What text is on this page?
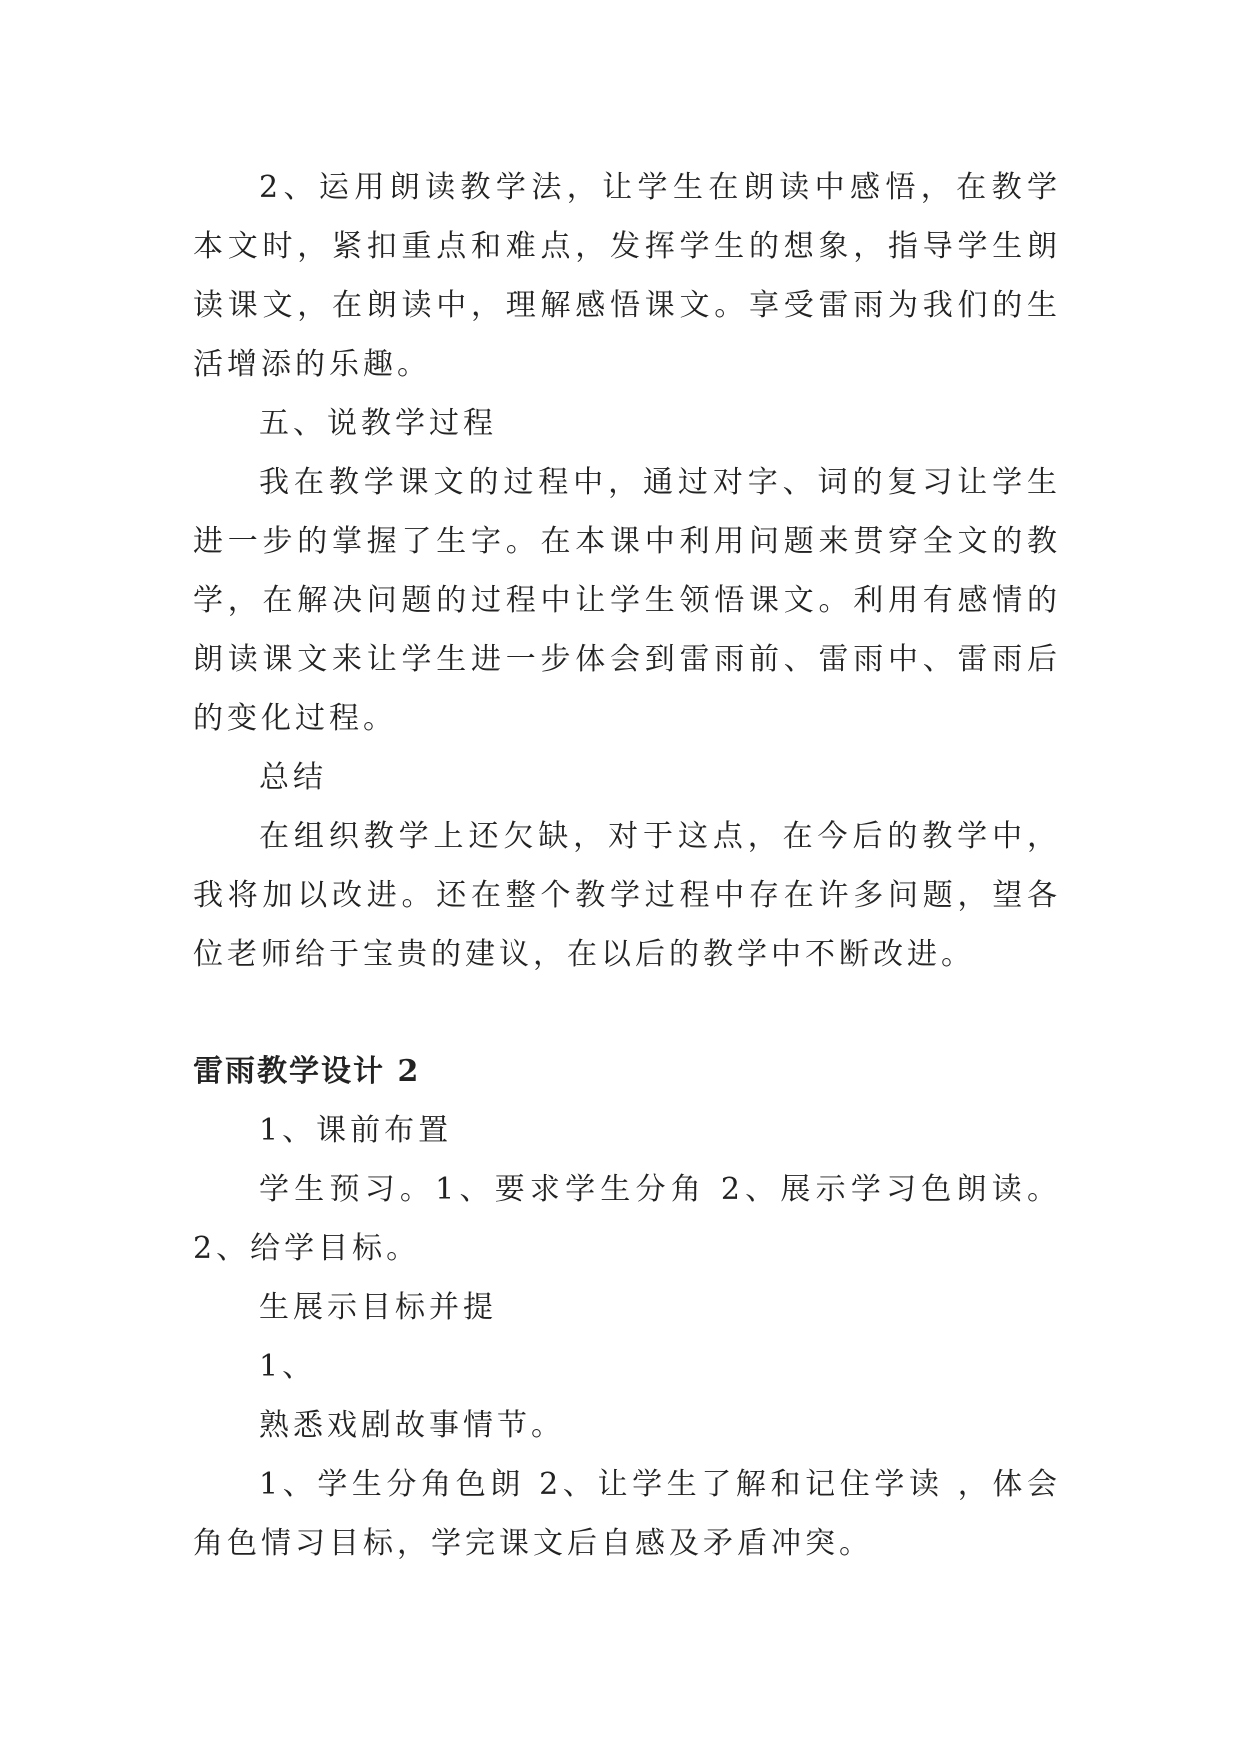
2、运用朗读教学法，让学生在朗读中感悟，在教学本文时，紧扣重点和难点，发挥学生的想象，指导学生朗读课文，在朗读中，理解感悟课文。享受雷雨为我们的生活增添的乐趣。

五、说教学过程

我在教学课文的过程中，通过对字、词的复习让学生进一步的掌握了生字。在本课中利用问题来贯穿全文的教学，在解决问题的过程中让学生领悟课文。利用有感情的朗读课文来让学生进一步体会到雷雨前、雷雨中、雷雨后的变化过程。

总结

在组织教学上还欠缺，对于这点，在今后的教学中，我将加以改进。还在整个教学过程中存在许多问题，望各位老师给于宝贵的建议，在以后的教学中不断改进。

雷雨教学设计 2

1、课前布置

学生预习。1、要求学生分角 2、展示学习色朗读。2、给学目标。

生展示目标并提

1、

熟悉戏剧故事情节。

1、学生分角色朗 2、让学生了解和记住学读 ，体会角色情习目标，学完课文后自感及矛盾冲突。
